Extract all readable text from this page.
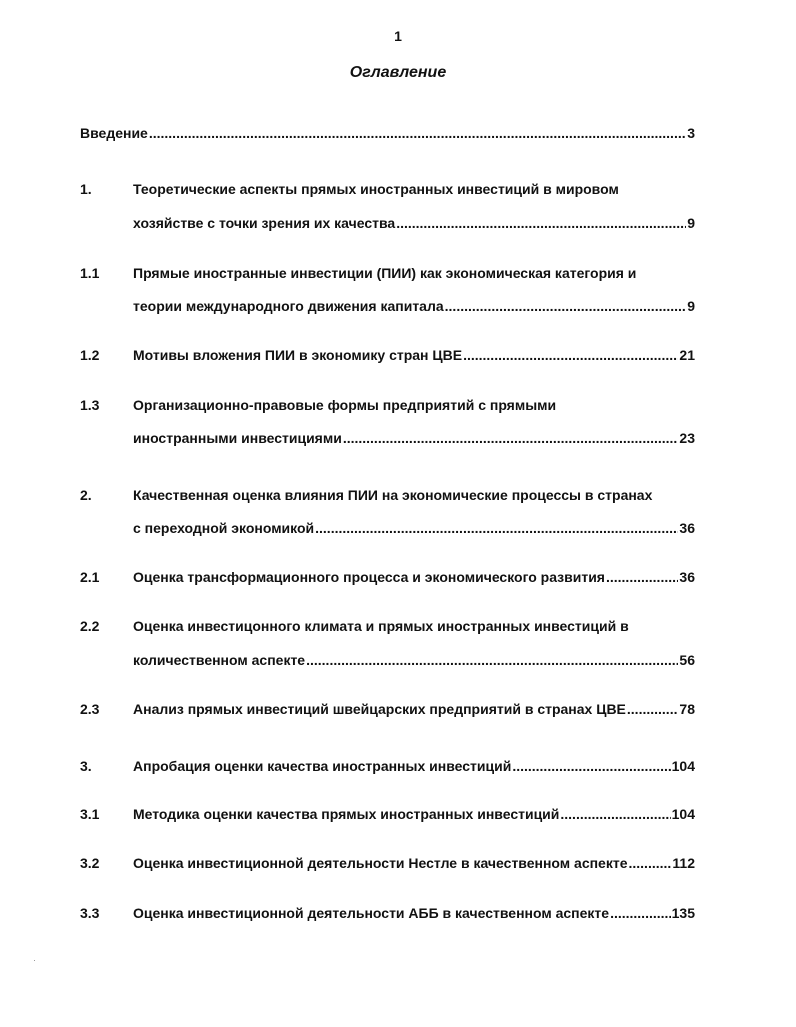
1
Оглавление
Введение .....	3
1.	Теоретические аспекты прямых иностранных инвестиций в мировом
хозяйстве с точки зрения их качества .....	9
1.1 Прямые иностранные инвестиции (ПИИ) как экономическая категория и
теории международного движения капитала .....	9
1.2 Мотивы вложения ПИИ в экономику стран ЦВЕ .....	21
1.3 Организационно-правовые формы предприятий с прямыми
иностранными инвестициями .....	23
2.	Качественная оценка влияния ПИИ на экономические процессы в странах
с переходной экономикой .....	36
2.1 Оценка трансформационного процесса и экономического развития .....	36
2.2 Оценка инвестицонного климата и прямых иностранных инвестиций в
количественном аспекте .....	56
2.3 Анализ прямых инвестиций швейцарских предприятий в странах ЦВЕ .....	78
3.	Апробация оценки качества иностранных инвестиций .....	104
3.1 Методика оценки качества прямых иностранных инвестиций .....	104
3.2 Оценка инвестиционной деятельности Нестле в качественном аспекте .....	112
3.3 Оценка инвестиционной деятельности АББ в качественном аспекте .....	135
